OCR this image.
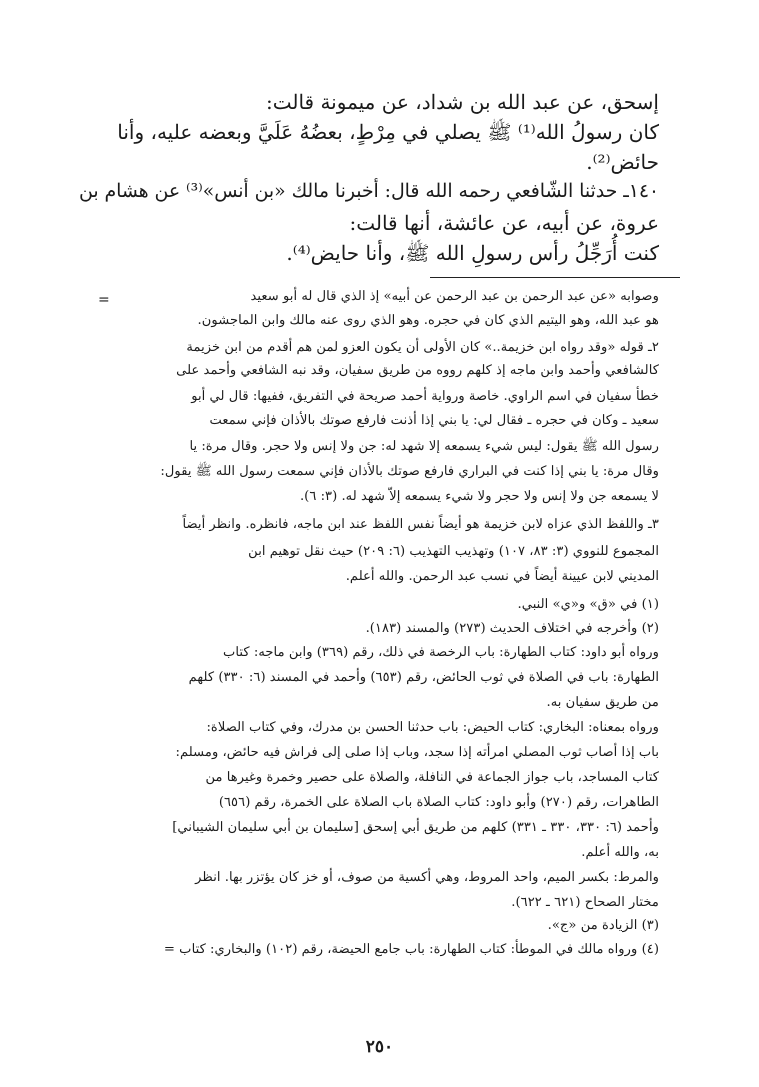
إسحق، عن عبد الله بن شداد، عن ميمونة قالت:
كان رسولُ الله⁽¹⁾ ﷺ يصلي في مِرْطٍ، بعضُهُ عَلَيَّ وبعضه عليه، وأنا
حائض⁽²⁾.
١٤٠ـ حدثنا الشّافعي رحمه الله قال: أخبرنا مالك «بن أنس»⁽³⁾ عن هشام بن
عروة، عن أبيه، عن عائشة، أنها قالت:
كنت أُرَجِّلُ رأس رسولِ الله ﷺ، وأنا حايض⁽⁴⁾.
=	وصوابه «عن عبد الرحمن بن عبد الرحمن عن أبيه» إذ الذي قال له أبو سعيد
هو عبد الله، وهو اليتيم الذي كان في حجره. وهو الذي روى عنه مالك وابن الماجشون.
٢ـ قوله «وقد رواه ابن خزيمة..» كان الأولى أن يكون العزو لمن هم أقدم من ابن خزيمة
كالشافعي وأحمد وابن ماجه إذ كلهم رووه من طريق سفيان، وقد نبه الشافعي وأحمد على
خطأ سفيان في اسم الراوي. خاصة ورواية أحمد صريحة في التفريق، ففيها: قال لي أبو
سعيد ـ وكان في حجره ـ فقال لي: يا بني إذا أذنت فارفع صوتك بالأذان فإني سمعت
رسول الله ﷺ يقول: ليس شيء يسمعه إلا شهد له: جن ولا إنس ولا حجر. وقال مرة: يا
وقال مرة: يا بني إذا كنت في البراري فارفع صوتك بالأذان فإني سمعت رسول الله ﷺ يقول:
لا يسمعه جن ولا إنس ولا حجر ولا شيء يسمعه إلاّ شهد له. (٣: ٦).
٣ـ واللفظ الذي عزاه لابن خزيمة هو أيضاً نفس اللفظ عند ابن ماجه، فانظره. وانظر أيضاً
المجموع للنووي (٣: ٨٣، ١٠٧) وتهذيب التهذيب (٦: ٢٠٩) حيث نقل توهيم ابن
المديني لابن عيينة أيضاً في نسب عبد الرحمن. والله أعلم.
(١) في «ق» و«ي» النبي.
(٢) وأخرجه في اختلاف الحديث (٢٧٣) والمسند (١٨٣).
ورواه أبو داود: كتاب الطهارة: باب الرخصة في ذلك، رقم (٣٦٩) وابن ماجه: كتاب
الطهارة: باب في الصلاة في ثوب الحائض، رقم (٦٥٣) وأحمد في المسند (٦: ٣٣٠) كلهم
من طريق سفيان به.
ورواه بمعناه: البخاري: كتاب الحيض: باب حدثنا الحسن بن مدرك، وفي كتاب الصلاة:
باب إذا أصاب ثوب المصلي امرأته إذا سجد، وباب إذا صلى إلى فراش فيه حائض، ومسلم:
كتاب المساجد، باب جواز الجماعة في النافلة، والصلاة على حصير وخمرة وغيرها من
الطاهرات، رقم (٢٧٠) وأبو داود: كتاب الصلاة باب الصلاة على الخمرة، رقم (٦٥٦)
وأحمد (٦: ٣٣٠، ٣٣٠ ـ ٣٣١) كلهم من طريق أبي إسحق [سليمان بن أبي سليمان الشيباني]
به، والله أعلم.
والمرط: بكسر الميم، واحد المروط، وهي أكسية من صوف، أو خز كان يؤتزر بها. انظر
مختار الصحاح (٦٢١ ـ ٦٢٢).
(٣) الزيادة من «ج».
(٤) ورواه مالك في الموطأ: كتاب الطهارة: باب جامع الحيضة، رقم (١٠٢) والبخاري: كتاب =
٢٥٠
